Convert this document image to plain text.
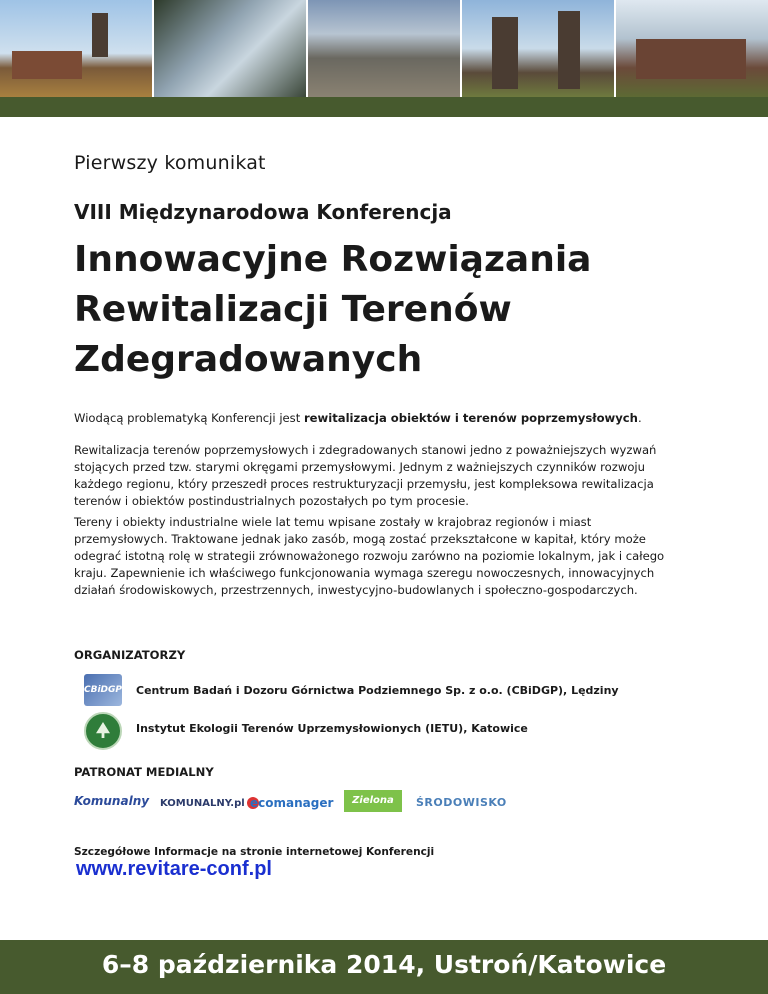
Pierwszy komunikat

VIII Międzynarodowa Konferencja

Innowacyjne Rozwiązania Rewitalizacji Terenów Zdegradowanych

Wiodącą problematyką Konferencji jest rewitalizacja obiektów i terenów poprzemysłowych.

Rewitalizacja terenów poprzemysłowych i zdegradowanych stanowi jedno z poważniejszych wyzwań stojących przed tzw. starymi okręgami przemysłowymi. Jednym z ważniejszych czynników rozwoju każdego regionu, który przeszedł proces restrukturyzacji przemysłu, jest kompleksowa rewitalizacja terenów i obiektów postindustrialnych pozostałych po tym procesie.

Tereny i obiekty industrialne wiele lat temu wpisane zostały w krajobraz regionów i miast przemysłowych. Traktowane jednak jako zasób, mogą zostać przekształcone w kapitał, który może odegrać istotną rolę w strategii zrównoważonego rozwoju zarówno na poziomie lokalnym, jak i całego kraju. Zapewnienie ich właściwego funkcjonowania wymaga szeregu nowoczesnych, innowacyjnych działań środowiskowych, przestrzennych, inwestycyjno-budowlanych i społeczno-gospodarczych.

ORGANIZATORZY

CBiDGP Centrum Badań i Dozoru Górnictwa Podziemnego Sp. z o.o. (CBiDGP), Lędziny
Instytut Ekologii Terenów Uprzemysłowionych (IETU), Katowice

PATRONAT MEDIALNY

Komunalny KOMUNALNY.pl ecomanager	Zielona	ŚRODOWISKO

Szczegółowe Informacje na stronie internetowej Konferencji

www.revitare-conf.pl
6–8 października 2014, Ustroń/Katowice
